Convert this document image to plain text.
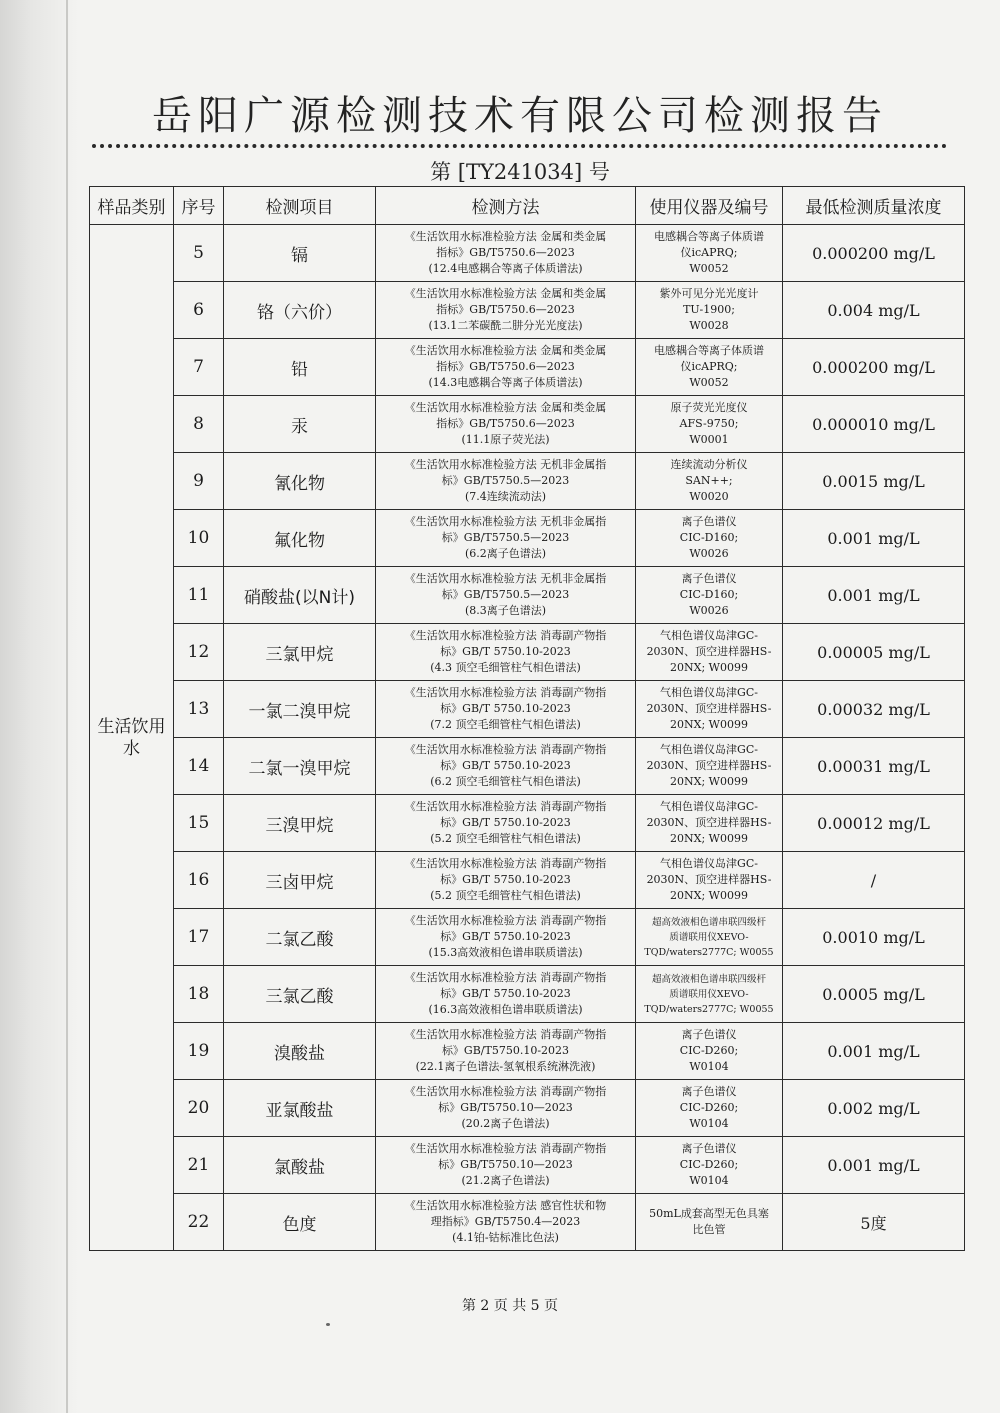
岳阳广源检测技术有限公司检测报告
第 [TY241034] 号
样品类别	序号	检测项目	检测方法	使用仪器及编号	最低检测质量浓度

生活饮用
水	5	镉	《生活饮用水标准检验方法 金属和类金属
指标》GB/T5750.6—2023
(12.4电感耦合等离子体质谱法)	电感耦合等离子体质谱
仪icAPRQ;
W0052	0.000200 mg/L
	6	铬（六价）	《生活饮用水标准检验方法 金属和类金属
指标》GB/T5750.6—2023
(13.1二苯碳酰二肼分光光度法)	紫外可见分光光度计
TU-1900;
W0028	0.004 mg/L
	7	铅	《生活饮用水标准检验方法 金属和类金属
指标》GB/T5750.6—2023
(14.3电感耦合等离子体质谱法)	电感耦合等离子体质谱
仪icAPRQ;
W0052	0.000200 mg/L
	8	汞	《生活饮用水标准检验方法 金属和类金属
指标》GB/T5750.6—2023
(11.1原子荧光法)	原子荧光光度仪
AFS-9750;
W0001	0.000010 mg/L
	9	氰化物	《生活饮用水标准检验方法 无机非金属指
标》GB/T5750.5—2023
(7.4连续流动法)	连续流动分析仪
SAN++;
W0020	0.0015 mg/L
	10	氟化物	《生活饮用水标准检验方法 无机非金属指
标》GB/T5750.5—2023
(6.2离子色谱法)	离子色谱仪
CIC-D160;
W0026	0.001 mg/L
	11	硝酸盐(以N计)	《生活饮用水标准检验方法 无机非金属指
标》GB/T5750.5—2023
(8.3离子色谱法)	离子色谱仪
CIC-D160;
W0026	0.001 mg/L
	12	三氯甲烷	《生活饮用水标准检验方法 消毒副产物指
标》GB/T 5750.10-2023
(4.3 顶空毛细管柱气相色谱法)	气相色谱仪岛津GC-
2030N、顶空进样器HS-
20NX; W0099	0.00005 mg/L
	13	一氯二溴甲烷	《生活饮用水标准检验方法 消毒副产物指
标》GB/T 5750.10-2023
(7.2 顶空毛细管柱气相色谱法)	气相色谱仪岛津GC-
2030N、顶空进样器HS-
20NX; W0099	0.00032 mg/L
	14	二氯一溴甲烷	《生活饮用水标准检验方法 消毒副产物指
标》GB/T 5750.10-2023
(6.2 顶空毛细管柱气相色谱法)	气相色谱仪岛津GC-
2030N、顶空进样器HS-
20NX; W0099	0.00031 mg/L
	15	三溴甲烷	《生活饮用水标准检验方法 消毒副产物指
标》GB/T 5750.10-2023
(5.2 顶空毛细管柱气相色谱法)	气相色谱仪岛津GC-
2030N、顶空进样器HS-
20NX; W0099	0.00012 mg/L
	16	三卤甲烷	《生活饮用水标准检验方法 消毒副产物指
标》GB/T 5750.10-2023
(5.2 顶空毛细管柱气相色谱法)	气相色谱仪岛津GC-
2030N、顶空进样器HS-
20NX; W0099	/
	17	二氯乙酸	《生活饮用水标准检验方法 消毒副产物指
标》GB/T 5750.10-2023
(15.3高效液相色谱串联质谱法)	超高效液相色谱串联四级杆
质谱联用仪XEVO-
TQD/waters2777C; W0055	0.0010 mg/L
	18	三氯乙酸	《生活饮用水标准检验方法 消毒副产物指
标》GB/T 5750.10-2023
(16.3高效液相色谱串联质谱法)	超高效液相色谱串联四级杆
质谱联用仪XEVO-
TQD/waters2777C; W0055	0.0005 mg/L
	19	溴酸盐	《生活饮用水标准检验方法 消毒副产物指
标》GB/T5750.10-2023
(22.1离子色谱法-氢氧根系统淋洗液)	离子色谱仪
CIC-D260;
W0104	0.001 mg/L
	20	亚氯酸盐	《生活饮用水标准检验方法 消毒副产物指
标》GB/T5750.10—2023
(20.2离子色谱法)	离子色谱仪
CIC-D260;
W0104	0.002 mg/L
	21	氯酸盐	《生活饮用水标准检验方法 消毒副产物指
标》GB/T5750.10—2023
(21.2离子色谱法)	离子色谱仪
CIC-D260;
W0104	0.001 mg/L
	22	色度	《生活饮用水标准检验方法 感官性状和物
理指标》GB/T5750.4—2023
(4.1铂-钴标准比色法)	50mL成套高型无色具塞
比色管	5度
第 2 页 共 5 页
